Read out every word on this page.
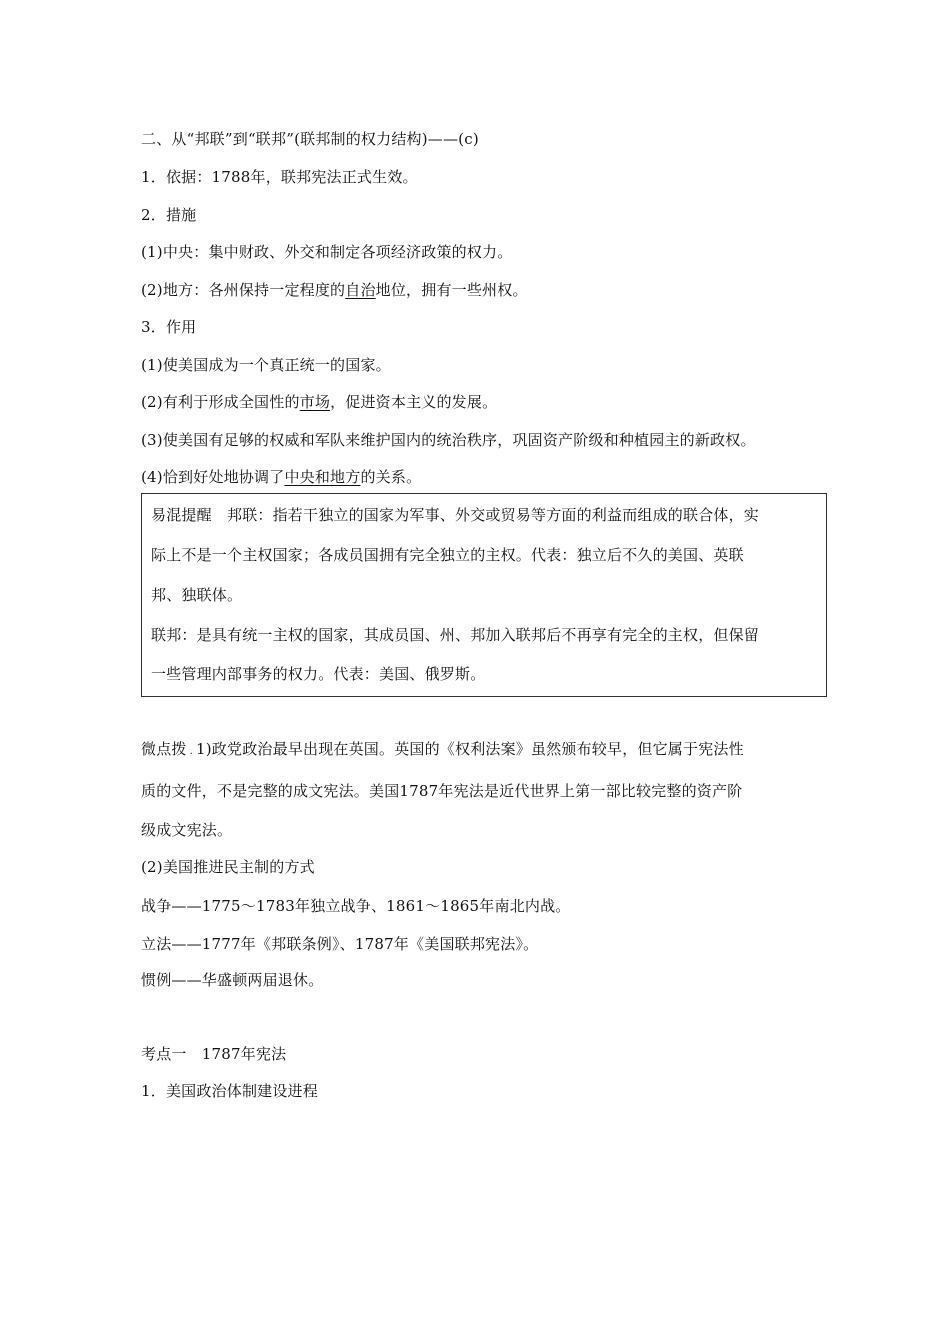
二、从“邦联”到“联邦”(联邦制的权力结构)——(c)
1．依据：1788年，联邦宪法正式生效。
2．措施
(1)中央：集中财政、外交和制定各项经济政策的权力。
(2)地方：各州保持一定程度的自治地位，拥有一些州权。
3．作用
(1)使美国成为一个真正统一的国家。
(2)有利于形成全国性的市场，促进资本主义的发展。
(3)使美国有足够的权威和军队来维护国内的统治秩序，巩固资产阶级和种植园主的新政权。
(4)恰到好处地协调了中央和地方的关系。
易混提醒　邦联：指若干独立的国家为军事、外交或贸易等方面的利益而组成的联合体，实
际上不是一个主权国家；各成员国拥有完全独立的主权。代表：独立后不久的美国、英联
邦、独联体。
联邦：是具有统一主权的国家，其成员国、州、邦加入联邦后不再享有完全的主权，但保留
一些管理内部事务的权力。代表：美国、俄罗斯。
微点拨 . 1)政党政治最早出现在英国。英国的《权利法案》虽然颁布较早，但它属于宪法性
质的文件，不是完整的成文宪法。美国1787年宪法是近代世界上第一部比较完整的资产阶
级成文宪法。
(2)美国推进民主制的方式
战争——1775～1783年独立战争、1861～1865年南北内战。
立法——1777年《邦联条例》、1787年《美国联邦宪法》。
惯例——华盛顿两届退休。
考点一　1787年宪法
1．美国政治体制建设进程
